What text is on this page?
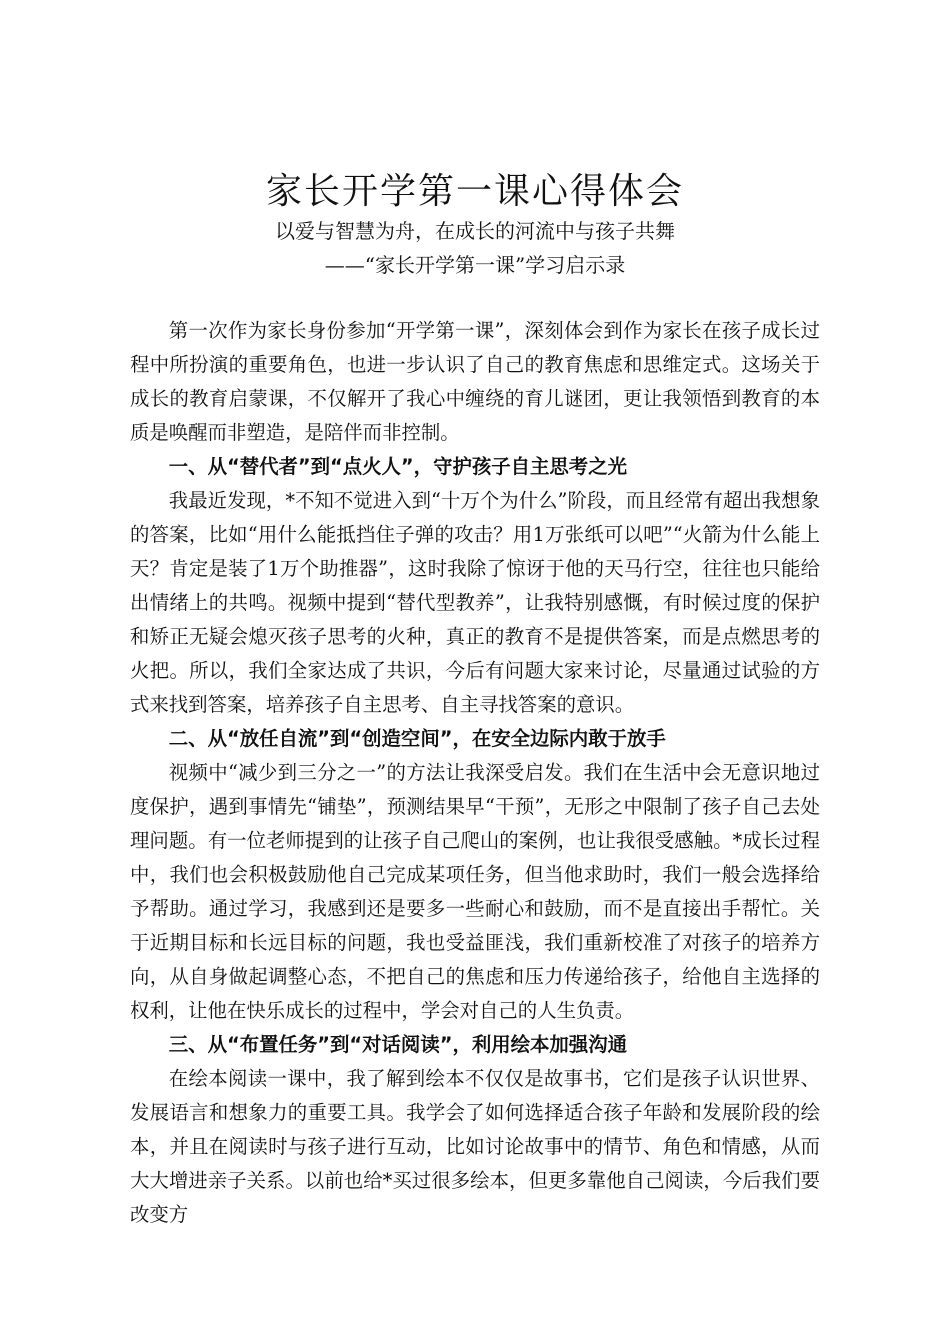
家长开学第一课心得体会
以爱与智慧为舟，在成长的河流中与孩子共舞
——“家长开学第一课”学习启示录

第一次作为家长身份参加“开学第一课”，深刻体会到作为家长在孩子成长过程中所扮演的重要角色，也进一步认识了自己的教育焦虑和思维定式。这场关于成长的教育启蒙课，不仅解开了我心中缠绕的育儿谜团，更让我领悟到教育的本质是唤醒而非塑造，是陪伴而非控制。

一、从“替代者”到“点火人”，守护孩子自主思考之光

我最近发现，*不知不觉进入到“十万个为什么”阶段，而且经常有超出我想象的答案，比如“用什么能抵挡住子弹的攻击？用1万张纸可以吧”“火箭为什么能上天？肯定是装了1万个助推器”，这时我除了惊讶于他的天马行空，往往也只能给出情绪上的共鸣。视频中提到“替代型教养”，让我特别感慨，有时候过度的保护和矫正无疑会熄灭孩子思考的火种，真正的教育不是提供答案，而是点燃思考的火把。所以，我们全家达成了共识，今后有问题大家来讨论，尽量通过试验的方式来找到答案，培养孩子自主思考、自主寻找答案的意识。

二、从“放任自流”到“创造空间”，在安全边际内敢于放手

视频中“减少到三分之一”的方法让我深受启发。我们在生活中会无意识地过度保护，遇到事情先“铺垫”，预测结果早“干预”，无形之中限制了孩子自己去处理问题。有一位老师提到的让孩子自己爬山的案例，也让我很受感触。*成长过程中，我们也会积极鼓励他自己完成某项任务，但当他求助时，我们一般会选择给予帮助。通过学习，我感到还是要多一些耐心和鼓励，而不是直接出手帮忙。关于近期目标和长远目标的问题，我也受益匪浅，我们重新校准了对孩子的培养方向，从自身做起调整心态，不把自己的焦虑和压力传递给孩子，给他自主选择的权利，让他在快乐成长的过程中，学会对自己的人生负责。

三、从“布置任务”到“对话阅读”，利用绘本加强沟通

在绘本阅读一课中，我了解到绘本不仅仅是故事书，它们是孩子认识世界、发展语言和想象力的重要工具。我学会了如何选择适合孩子年龄和发展阶段的绘本，并且在阅读时与孩子进行互动，比如讨论故事中的情节、角色和情感，从而大大增进亲子关系。以前也给*买过很多绘本，但更多靠他自己阅读，今后我们要改变方
